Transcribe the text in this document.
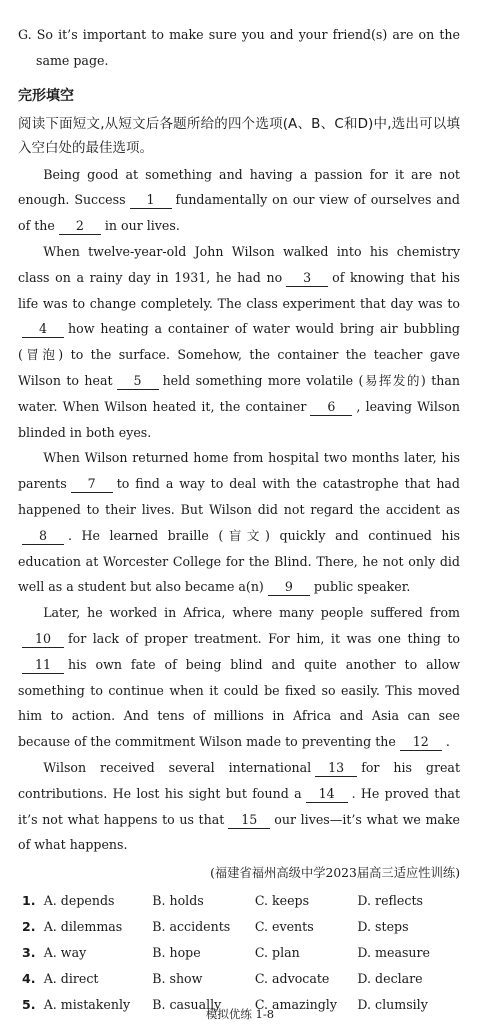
G. So it’s important to make sure you and your friend(s) are on the same page.

完形填空
阅读下面短文,从短文后各题所给的四个选项(A、B、C和D)中,选出可以填入空白处的最佳选项。

Being good at something and having a passion for it are not enough. Success 1 fundamentally on our view of ourselves and of the 2 in our lives.

When twelve-year-old John Wilson walked into his chemistry class on a rainy day in 1931, he had no 3 of knowing that his life was to change completely. The class experiment that day was to4 how heating a container of water would bring air bubbling (冒泡) to the surface. Somehow, the container the teacher gave Wilson to heat 5 held something more volatile (易挥发的) than water. When Wilson heated it, the container 6 , leaving Wilson blinded in both eyes.

When Wilson returned home from hospital two months later, his parents 7 to find a way to deal with the catastrophe that had happened to their lives. But Wilson did not regard the accident as8 . He learned braille (盲文) quickly and continued his education at Worcester College for the Blind. There, he not only did well as a student but also became a(n) 9 public speaker.

Later, he worked in Africa, where many people suffered from10 for lack of proper treatment. For him, it was one thing to11 his own fate of being blind and quite another to allow something to continue when it could be fixed so easily. This moved him to action. And tens of millions in Africa and Asia can see because of the commitment Wilson made to preventing the 12 .

Wilson received several international 13 for his great contributions. He lost his sight but found a 14 . He proved that it’s not what happens to us that 15 our lives—it’s what we make of what happens.

(福建省福州高级中学2023届高三适应性训练)
1. A. depends	B. holds	C. keeps	D. reflects
2. A. dilemmas	B. accidents	C. events	D. steps
3. A. way	B. hope	C. plan	D. measure
4. A. direct	B. show	C. advocate	D. declare
5. A. mistakenly	B. casually	C. amazingly	D. clumsily
模拟优练 1-8
